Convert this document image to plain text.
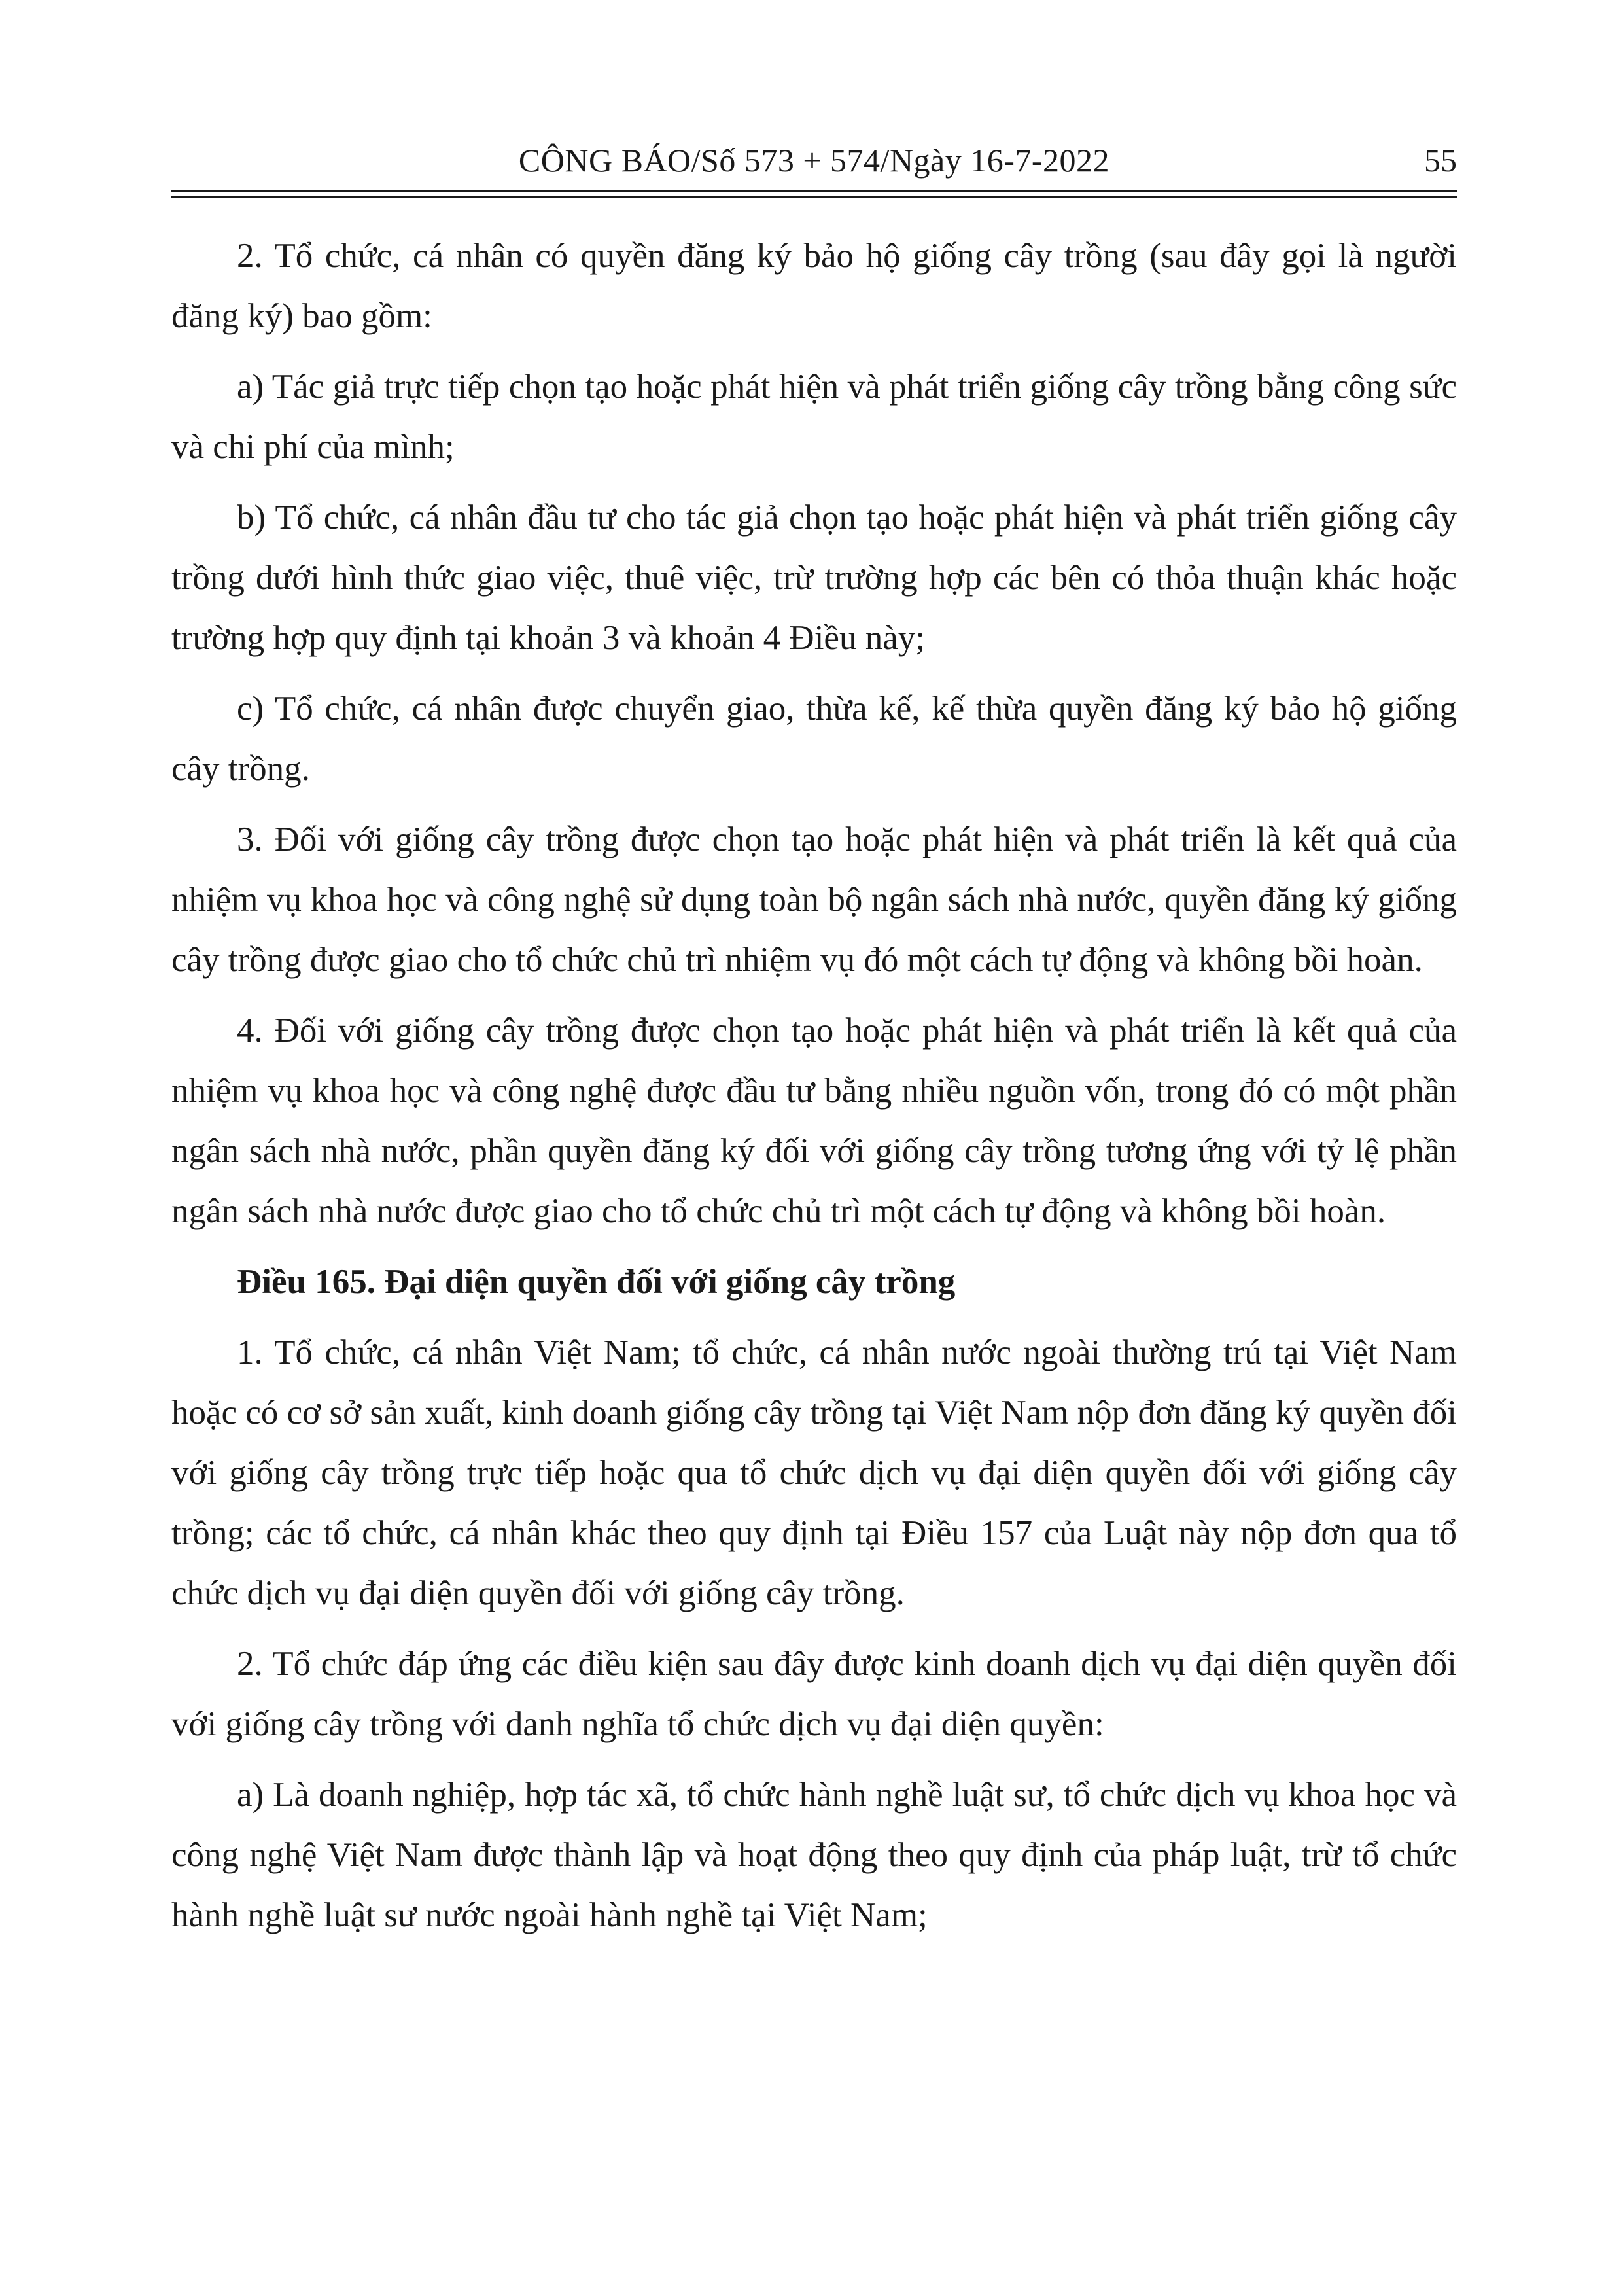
CÔNG BÁO/Số 573 + 574/Ngày 16-7-2022	55

2. Tổ chức, cá nhân có quyền đăng ký bảo hộ giống cây trồng (sau đây gọi là người đăng ký) bao gồm:

a) Tác giả trực tiếp chọn tạo hoặc phát hiện và phát triển giống cây trồng bằng công sức và chi phí của mình;

b) Tổ chức, cá nhân đầu tư cho tác giả chọn tạo hoặc phát hiện và phát triển giống cây trồng dưới hình thức giao việc, thuê việc, trừ trường hợp các bên có thỏa thuận khác hoặc trường hợp quy định tại khoản 3 và khoản 4 Điều này;

c) Tổ chức, cá nhân được chuyển giao, thừa kế, kế thừa quyền đăng ký bảo hộ giống cây trồng.

3. Đối với giống cây trồng được chọn tạo hoặc phát hiện và phát triển là kết quả của nhiệm vụ khoa học và công nghệ sử dụng toàn bộ ngân sách nhà nước, quyền đăng ký giống cây trồng được giao cho tổ chức chủ trì nhiệm vụ đó một cách tự động và không bồi hoàn.

4. Đối với giống cây trồng được chọn tạo hoặc phát hiện và phát triển là kết quả của nhiệm vụ khoa học và công nghệ được đầu tư bằng nhiều nguồn vốn, trong đó có một phần ngân sách nhà nước, phần quyền đăng ký đối với giống cây trồng tương ứng với tỷ lệ phần ngân sách nhà nước được giao cho tổ chức chủ trì một cách tự động và không bồi hoàn.

Điều 165. Đại diện quyền đối với giống cây trồng

1. Tổ chức, cá nhân Việt Nam; tổ chức, cá nhân nước ngoài thường trú tại Việt Nam hoặc có cơ sở sản xuất, kinh doanh giống cây trồng tại Việt Nam nộp đơn đăng ký quyền đối với giống cây trồng trực tiếp hoặc qua tổ chức dịch vụ đại diện quyền đối với giống cây trồng; các tổ chức, cá nhân khác theo quy định tại Điều 157 của Luật này nộp đơn qua tổ chức dịch vụ đại diện quyền đối với giống cây trồng.

2. Tổ chức đáp ứng các điều kiện sau đây được kinh doanh dịch vụ đại diện quyền đối với giống cây trồng với danh nghĩa tổ chức dịch vụ đại diện quyền:

a) Là doanh nghiệp, hợp tác xã, tổ chức hành nghề luật sư, tổ chức dịch vụ khoa học và công nghệ Việt Nam được thành lập và hoạt động theo quy định của pháp luật, trừ tổ chức hành nghề luật sư nước ngoài hành nghề tại Việt Nam;
